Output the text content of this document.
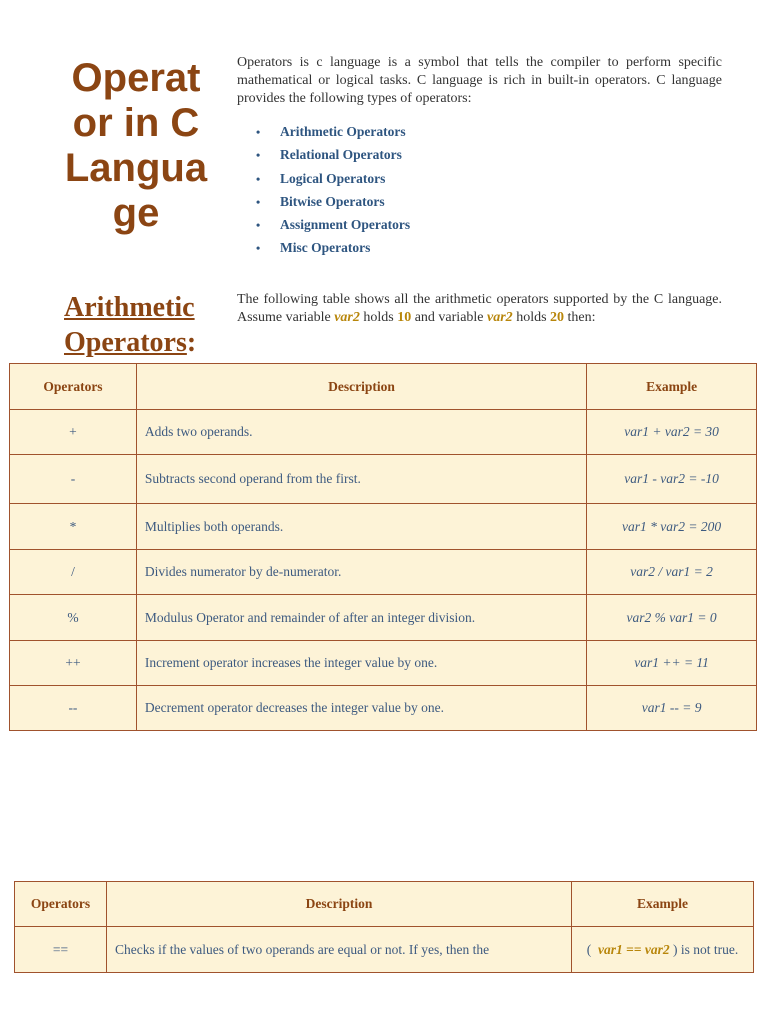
Operat
or in C
Langua
ge

Operators is c language is a symbol that tells the compiler to perform specific mathematical or logical tasks. C language is rich in built-in operators. C language provides the following types of operators:

• Arithmetic Operators
• Relational Operators
• Logical Operators
• Bitwise Operators
• Assignment Operators
• Misc Operators
Arithmetic
Operators:

The following table shows all the arithmetic operators supported by the C language. Assume variable var2 holds 10 and variable var2 holds 20 then:

Operators	Description	Example
+	Adds two operands.	var1 + var2 = 30
-	Subtracts second operand from the first.	var1 - var2 = -10
*	Multiplies both operands.	var1 * var2 = 200
/	Divides numerator by de-numerator.	var2 / var1 = 2
%	Modulus Operator and remainder of after an integer division.	var2 % var1 = 0
++	Increment operator increases the integer value by one.	var1 ++ = 11
--	Decrement operator decreases the integer value by one.	var1 -- = 9
Operators	Description	Example
==	Checks if the values of two operands are equal or not. If yes, then the	( var1 == var2 ) is not true.
